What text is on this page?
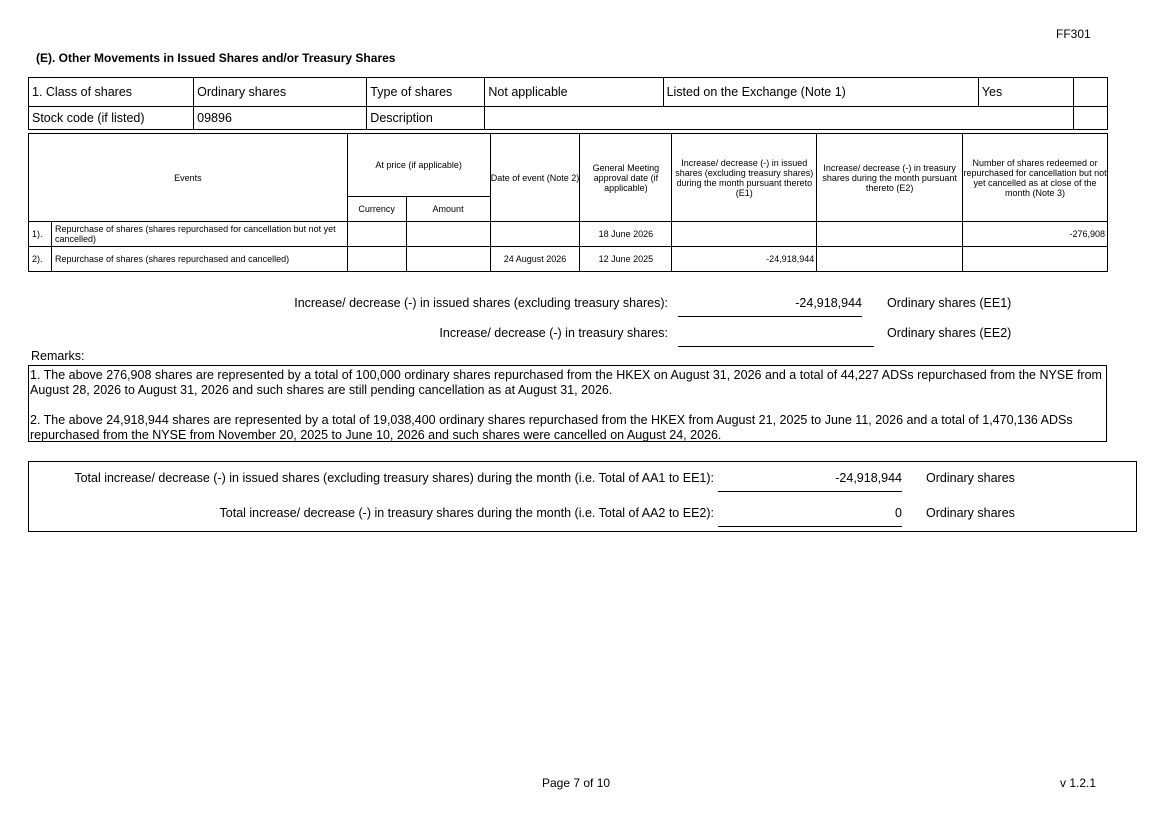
FF301
(E). Other Movements in Issued Shares and/or Treasury Shares
1. Class of shares	Ordinary shares	Type of shares	Not applicable	Listed on the Exchange (Note 1)	Yes	
Stock code (if listed)	09896	Description				
Events		At price (if applicable)		Date of event (Note 2)	General Meeting approval date (if applicable)	Increase/ decrease (-) in issued shares (excluding treasury shares) during the month pursuant thereto (E1)	Increase/ decrease (-) in treasury shares during the month pursuant thereto (E2)	Number of shares redeemed or repurchased for cancellation but not yet cancelled as at close of the month (Note 3)
		Currency	Amount					
1).	Repurchase of shares (shares repurchased for cancellation but not yet cancelled)				18 June 2026			-276,908
2).	Repurchase of shares (shares repurchased and cancelled)			24 August 2026	12 June 2025	-24,918,944		
Increase/ decrease (-) in issued shares (excluding treasury shares):	-24,918,944 Ordinary shares (EE1)
Increase/ decrease (-) in treasury shares:	Ordinary shares (EE2)
Remarks:

1. The above 276,908 shares are represented by a total of 100,000 ordinary shares repurchased from the HKEX on August 31, 2026 and a total of 44,227 ADSs repurchased from the NYSE from August 28, 2026 to August 31, 2026 and such shares are still pending cancellation as at August 31, 2026.

2. The above 24,918,944 shares are represented by a total of 19,038,400 ordinary shares repurchased from the HKEX from August 21, 2025 to June 11, 2026 and a total of 1,470,136 ADSs repurchased from the NYSE from November 20, 2025 to June 10, 2026 and such shares were cancelled on August 24, 2026.

Total increase/ decrease (-) in issued shares (excluding treasury shares) during the month (i.e. Total of AA1 to EE1):	-24,918,944 Ordinary shares
Total increase/ decrease (-) in treasury shares during the month (i.e. Total of AA2 to EE2):	0 Ordinary shares
Page 7 of 10	v 1.2.1
